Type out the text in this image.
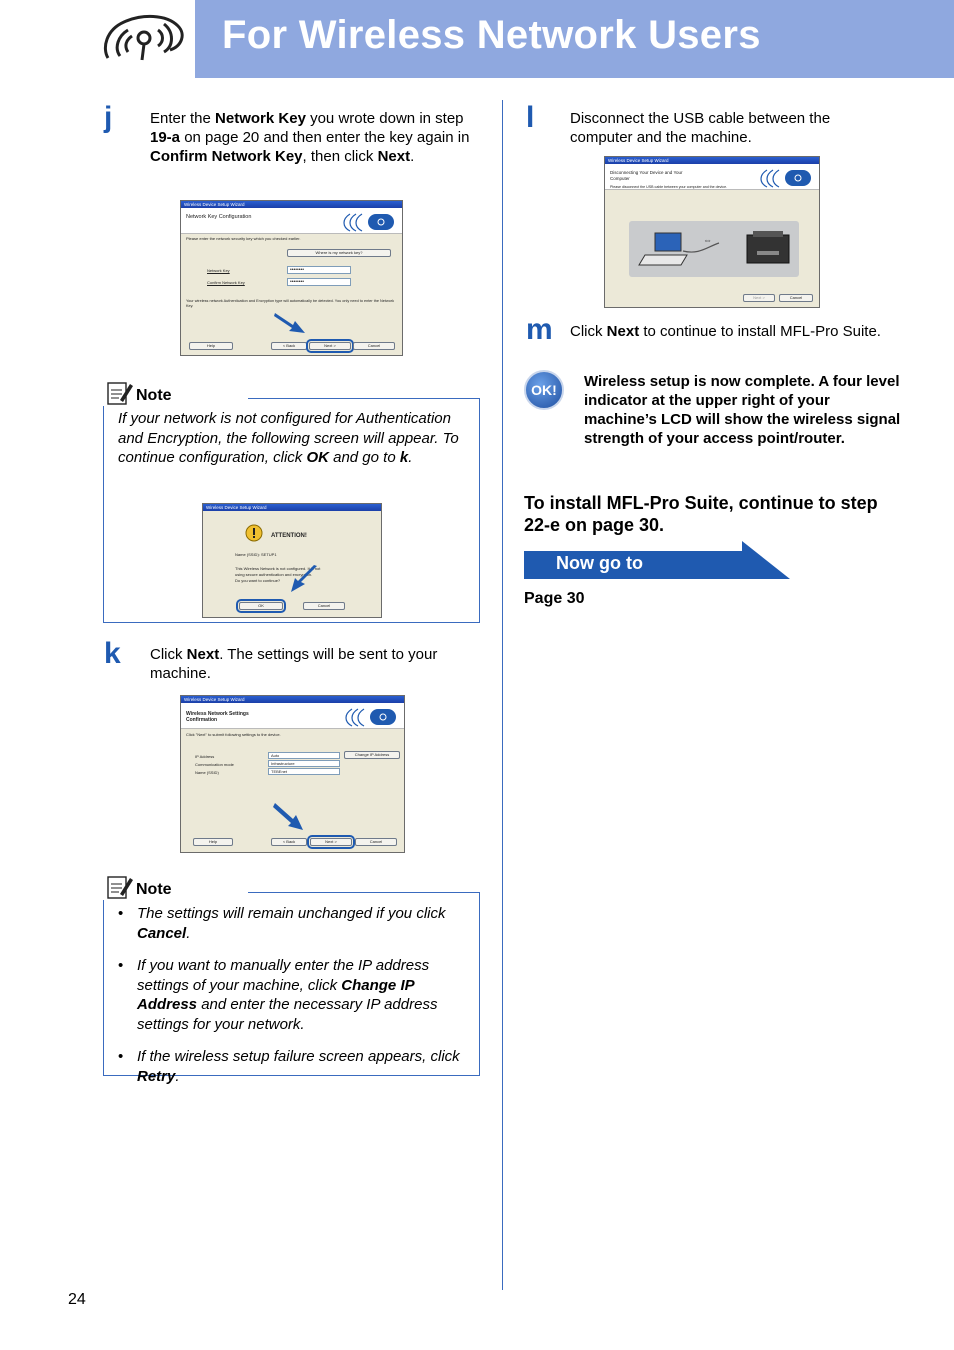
For Wireless Network Users
j	Enter the Network Key you wrote down in step 19-a on page 20 and then enter the key again in Confirm Network Key, then click Next.
Wireless Device Setup Wizard
Network Key Configuration
Please enter the network security key which you checked earlier.
Where is my network key?
Network Key	••••••••
Confirm Network Key	••••••••
Your wireless network Authentication and Encryption type will automatically be detected. You only need to enter the Network Key.
Help	< Back	Next >	Cancel
Note
If your network is not configured for Authentication and Encryption, the following screen will appear. To continue configuration, click OK and go to k.
Wireless Device Setup Wizard
ATTENTION!
Name (SSID): SETUP1
This Wireless Network is not configured. It is not
using secure authentication and encryption.
Do you want to continue?
OK	Cancel
k Click Next. The settings will be sent to your machine.
Wireless Device Setup Wizard
Wireless Network Settings
Confirmation
Click "Next" to submit following settings to the device.
IP Address	Auto	Change IP Address
Communication mode	Infrastructure
Name (SSID)	TEBEnet
Help	< Back	Next >	Cancel
Note
• The settings will remain unchanged if you click Cancel.
• If you want to manually enter the IP address settings of your machine, click Change IP Address and enter the necessary IP address settings for your network.
• If the wireless setup failure screen appears, click Retry.
l Disconnect the USB cable between the computer and the machine.
Wireless Device Setup Wizard
Disconnecting Your Device and Your
Computer
Please disconnect the USB cable between your computer and the device.
⇔
Next >	Cancel
m Click Next to continue to install MFL-Pro Suite.
OK!	Wireless setup is now complete. A four level indicator at the upper right of your machine’s LCD will show the wireless signal strength of your access point/router.
To install MFL-Pro Suite, continue to step 22-e on page 30.
Now go to
Page 30
24
